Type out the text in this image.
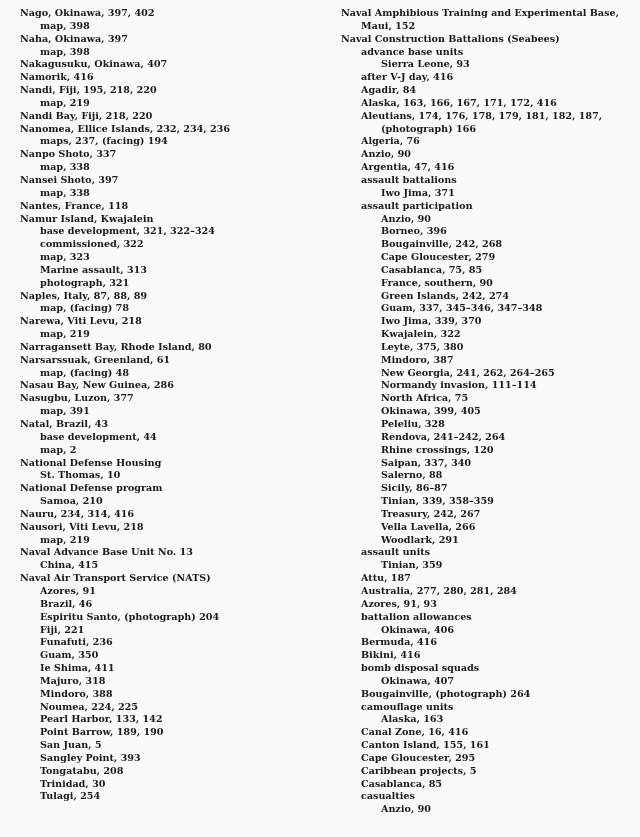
Nago, Okinawa, 397, 402
map, 398
Naha, Okinawa, 397
map, 398
Nakagusuku, Okinawa, 407
Namorik, 416
Nandi, Fiji, 195, 218, 220
map, 219
Nandi Bay, Fiji, 218, 220
Nanomea, Ellice Islands, 232, 234, 236
maps, 237, (facing) 194
Nanpo Shoto, 337
map, 338
Nansei Shoto, 397
map, 338
Nantes, France, 118
Namur Island, Kwajalein
base development, 321, 322–324
commissioned, 322
map, 323
Marine assault, 313
photograph, 321
Naples, Italy, 87, 88, 89
map, (facing) 78
Narewa, Viti Levu, 218
map, 219
Narragansett Bay, Rhode Island, 80
Narsarssuak, Greenland, 61
map, (facing) 48
Nasau Bay, New Guinea, 286
Nasugbu, Luzon, 377
map, 391
Natal, Brazil, 43
base development, 44
map, 2
National Defense Housing
St. Thomas, 10
National Defense program
Samoa, 210
Nauru, 234, 314, 416
Nausori, Viti Levu, 218
map, 219
Naval Advance Base Unit No. 13
China, 415
Naval Air Transport Service (NATS)
Azores, 91
Brazil, 46
Espiritu Santo, (photograph) 204
Fiji, 221
Funafuti, 236
Guam, 350
Ie Shima, 411
Majuro, 318
Mindoro, 388
Noumea, 224, 225
Pearl Harbor, 133, 142
Point Barrow, 189, 190
San Juan, 5
Sangley Point, 393
Tongatabu, 208
Trinidad, 30
Tulagi, 254
Naval Amphibious Training and Experimental Base, Maui, 152
Naval Construction Battalions (Seabees)
advance base units
Sierra Leone, 93
after V-J day, 416
Agadir, 84
Alaska, 163, 166, 167, 171, 172, 416
Aleutians, 174, 176, 178, 179, 181, 182, 187, (photograph) 166
Algeria, 76
Anzio, 90
Argentia, 47, 416
assault battalions
Iwo Jima, 371
assault participation
Anzio, 90
Borneo, 396
Bougainville, 242, 268
Cape Gloucester, 279
Casablanca, 75, 85
France, southern, 90
Green Islands, 242, 274
Guam, 337, 345–346, 347–348
Iwo Jima, 339, 370
Kwajalein, 322
Leyte, 375, 380
Mindoro, 387
New Georgia, 241, 262, 264–265
Normandy invasion, 111–114
North Africa, 75
Okinawa, 399, 405
Peleliu, 328
Rendova, 241–242, 264
Rhine crossings, 120
Saipan, 337, 340
Salerno, 88
Sicily, 86–87
Tinian, 339, 358–359
Treasury, 242, 267
Vella Lavella, 266
Woodlark, 291
assault units
Tinian, 359
Attu, 187
Australia, 277, 280, 281, 284
Azores, 91, 93
battalion allowances
Okinawa, 406
Bermuda, 416
Bikini, 416
bomb disposal squads
Okinawa, 407
Bougainville, (photograph) 264
camouflage units
Alaska, 163
Canal Zone, 16, 416
Canton Island, 155, 161
Cape Gloucester, 295
Caribbean projects, 5
Casablanca, 85
casualties
Anzio, 90
